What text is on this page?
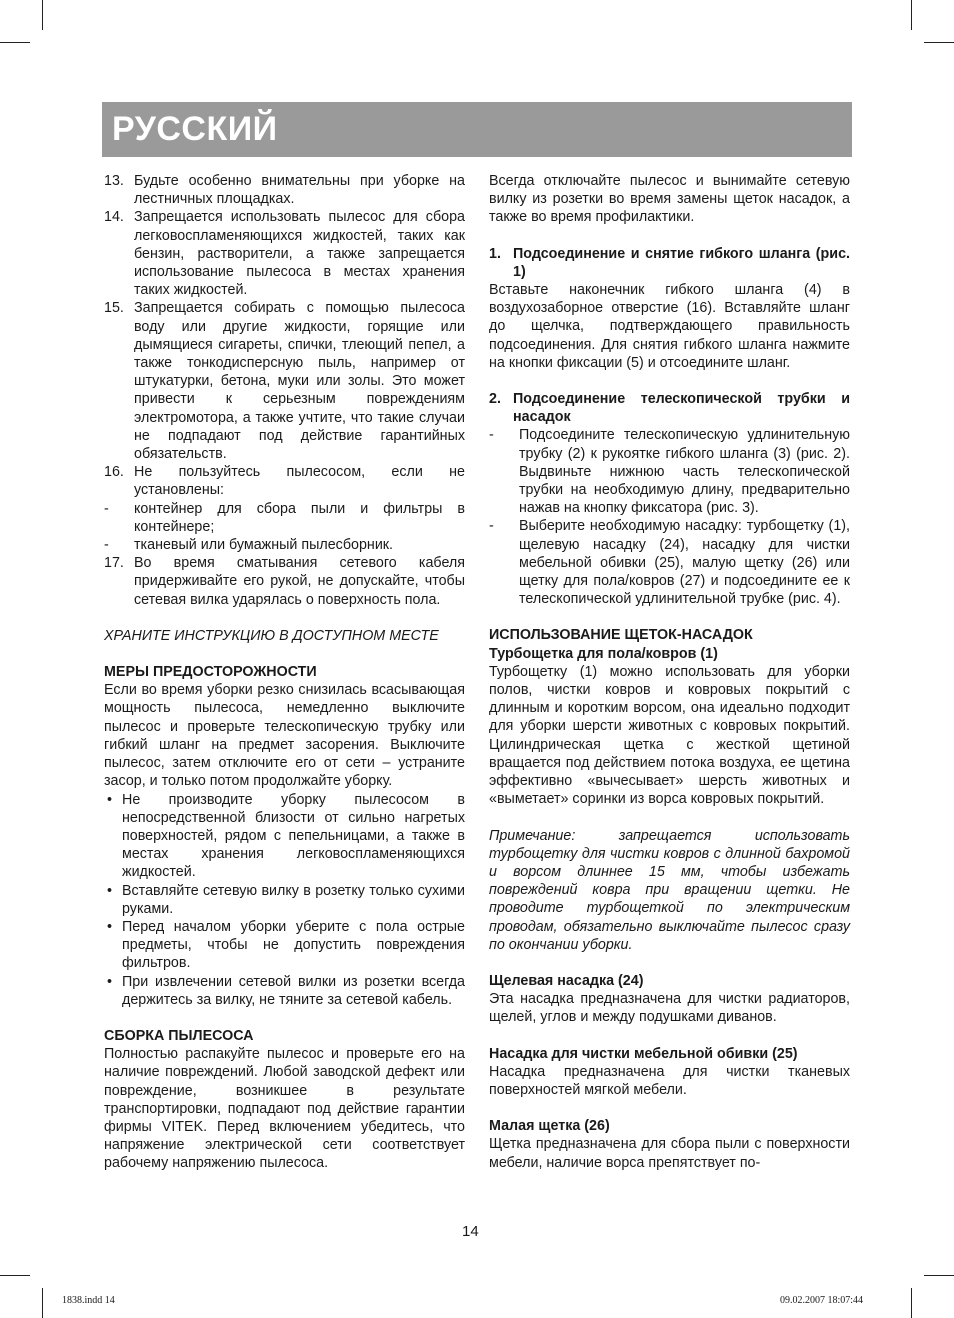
РУССКИЙ
13. Будьте особенно внимательны при уборке на лестничных площадках.
14. Запрещается использовать пылесос для сбора легковоспламеняющихся жидкостей, таких как бензин, растворители, а также запрещается использование пылесоса в местах хранения таких жидкостей.
15. Запрещается собирать с помощью пылесоса воду или другие жидкости, горящие или дымящиеся сигареты, спички, тлеющий пепел, а также тонкодисперсную пыль, например от штукатурки, бетона, муки или золы. Это может привести к серьезным повреждениям электромотора, а также учтите, что такие случаи не подпадают под действие гарантийных обязательств.
16. Не пользуйтесь пылесосом, если не установлены:
- контейнер для сбора пыли и фильтры в контейнере;
- тканевый или бумажный пылесборник.
17. Во время сматывания сетевого кабеля придерживайте его рукой, не допускайте, чтобы сетевая вилка ударялась о поверхность пола.
ХРАНИТЕ ИНСТРУКЦИЮ В ДОСТУПНОМ МЕСТЕ
МЕРЫ ПРЕДОСТОРОЖНОСТИ
Если во время уборки резко снизилась всасывающая мощность пылесоса, немедленно выключите пылесос и проверьте телескопическую трубку или гибкий шланг на предмет засорения. Выключите пылесос, затем отключите его от сети – устраните засор, и только потом продолжайте уборку.
• Не производите уборку пылесосом в непосредственной близости от сильно нагретых поверхностей, рядом с пепельницами, а также в местах хранения легковоспламеняющихся жидкостей.
• Вставляйте сетевую вилку в розетку только сухими руками.
• Перед началом уборки уберите с пола острые предметы, чтобы не допустить повреждения фильтров.
• При извлечении сетевой вилки из розетки всегда держитесь за вилку, не тяните за сетевой кабель.
СБОРКА ПЫЛЕСОСА
Полностью распакуйте пылесос и проверьте его на наличие повреждений. Любой заводской дефект или повреждение, возникшее в результате транспортировки, подпадают под действие гарантии фирмы VITEK. Перед включением убедитесь, что напряжение электрической сети соответствует рабочему напряжению пылесоса.
Всегда отключайте пылесос и вынимайте сетевую вилку из розетки во время замены щеток насадок, а также во время профилактики.
1. Подсоединение и снятие гибкого шланга (рис. 1)
Вставьте наконечник гибкого шланга (4) в воздухозаборное отверстие (16). Вставляйте шланг до щелчка, подтверждающего правильность подсоединения. Для снятия гибкого шланга нажмите на кнопки фиксации (5) и отсоедините шланг.
2. Подсоединение телескопической трубки и насадок
- Подсоедините телескопическую удлинительную трубку (2) к рукоятке гибкого шланга (3) (рис. 2). Выдвиньте нижнюю часть телескопической трубки на необходимую длину, предварительно нажав на кнопку фиксатора (рис. 3).
- Выберите необходимую насадку: турбощетку (1), щелевую насадку (24), насадку для чистки мебельной обивки (25), малую щетку (26) или щетку для пола/ковров (27) и подсоедините ее к телескопической удлинительной трубке (рис. 4).
ИСПОЛЬЗОВАНИЕ ЩЕТОК-НАСАДОК
Турбощетка для пола/ковров (1)
Турбощетку (1) можно использовать для уборки полов, чистки ковров и ковровых покрытий с длинным и коротким ворсом, она идеально подходит для уборки шерсти животных с ковровых покрытий. Цилиндрическая щетка с жесткой щетиной вращается под действием потока воздуха, ее щетина эффективно «вычесывает» шерсть животных и «выметает» соринки из ворса ковровых покрытий.
Примечание: запрещается использовать турбощетку для чистки ковров с длинной бахромой и ворсом длиннее 15 мм, чтобы избежать повреждений ковра при вращении щетки. Не проводите турбощеткой по электрическим проводам, обязательно выключайте пылесос сразу по окончании уборки.
Щелевая насадка (24)
Эта насадка предназначена для чистки радиаторов, щелей, углов и между подушками диванов.
Насадка для чистки мебельной обивки (25)
Насадка предназначена для чистки тканевых поверхностей мягкой мебели.
Малая щетка (26)
Щетка предназначена для сбора пыли с поверхности мебели, наличие ворса препятствует по-
14
1838.indd 14	09.02.2007 18:07:44
